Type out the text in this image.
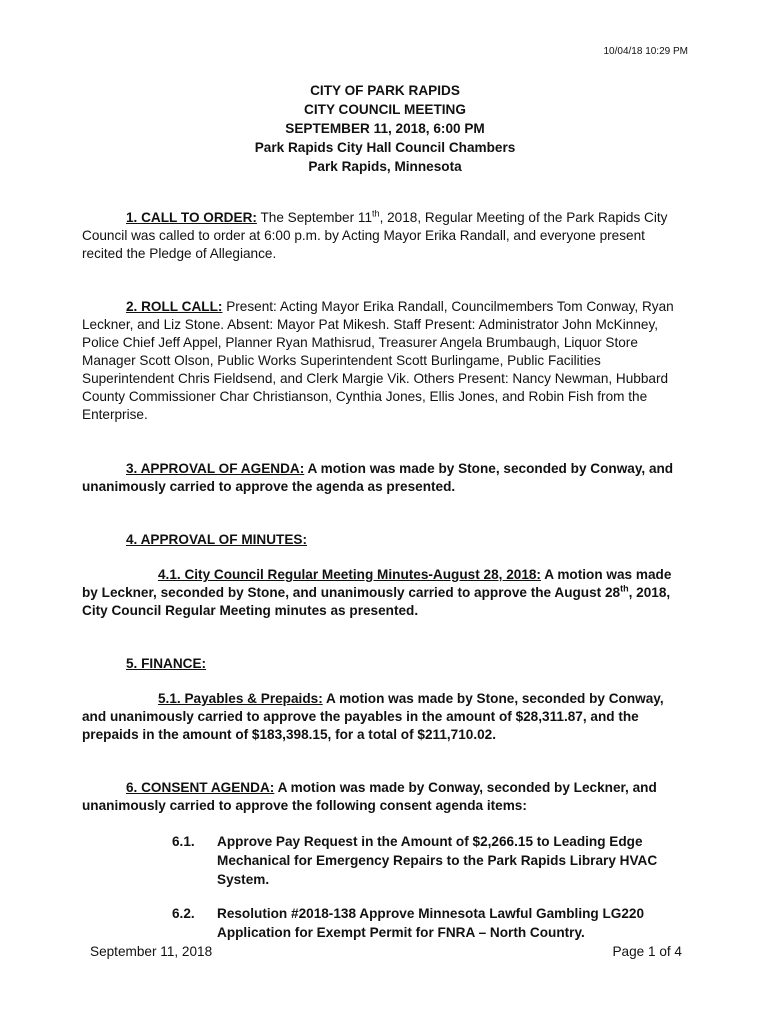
10/04/18 10:29 PM
CITY OF PARK RAPIDS
CITY COUNCIL MEETING
SEPTEMBER 11, 2018, 6:00 PM
Park Rapids City Hall Council Chambers
Park Rapids, Minnesota

1. CALL TO ORDER: The September 11th, 2018, Regular Meeting of the Park Rapids City Council was called to order at 6:00 p.m. by Acting Mayor Erika Randall, and everyone present recited the Pledge of Allegiance.

2. ROLL CALL: Present: Acting Mayor Erika Randall, Councilmembers Tom Conway, Ryan Leckner, and Liz Stone. Absent: Mayor Pat Mikesh. Staff Present: Administrator John McKinney, Police Chief Jeff Appel, Planner Ryan Mathisrud, Treasurer Angela Brumbaugh, Liquor Store Manager Scott Olson, Public Works Superintendent Scott Burlingame, Public Facilities Superintendent Chris Fieldsend, and Clerk Margie Vik. Others Present: Nancy Newman, Hubbard County Commissioner Char Christianson, Cynthia Jones, Ellis Jones, and Robin Fish from the Enterprise.

3. APPROVAL OF AGENDA: A motion was made by Stone, seconded by Conway, and unanimously carried to approve the agenda as presented.

4. APPROVAL OF MINUTES:

4.1. City Council Regular Meeting Minutes-August 28, 2018: A motion was made by Leckner, seconded by Stone, and unanimously carried to approve the August 28th, 2018, City Council Regular Meeting minutes as presented.

5. FINANCE:

5.1. Payables & Prepaids: A motion was made by Stone, seconded by Conway, and unanimously carried to approve the payables in the amount of $28,311.87, and the prepaids in the amount of $183,398.15, for a total of $211,710.02.

6. CONSENT AGENDA: A motion was made by Conway, seconded by Leckner, and unanimously carried to approve the following consent agenda items:

6.1. Approve Pay Request in the Amount of $2,266.15 to Leading Edge Mechanical for Emergency Repairs to the Park Rapids Library HVAC System.
6.2. Resolution #2018-138 Approve Minnesota Lawful Gambling LG220 Application for Exempt Permit for FNRA – North Country.
September 11, 2018	Page 1 of 4
